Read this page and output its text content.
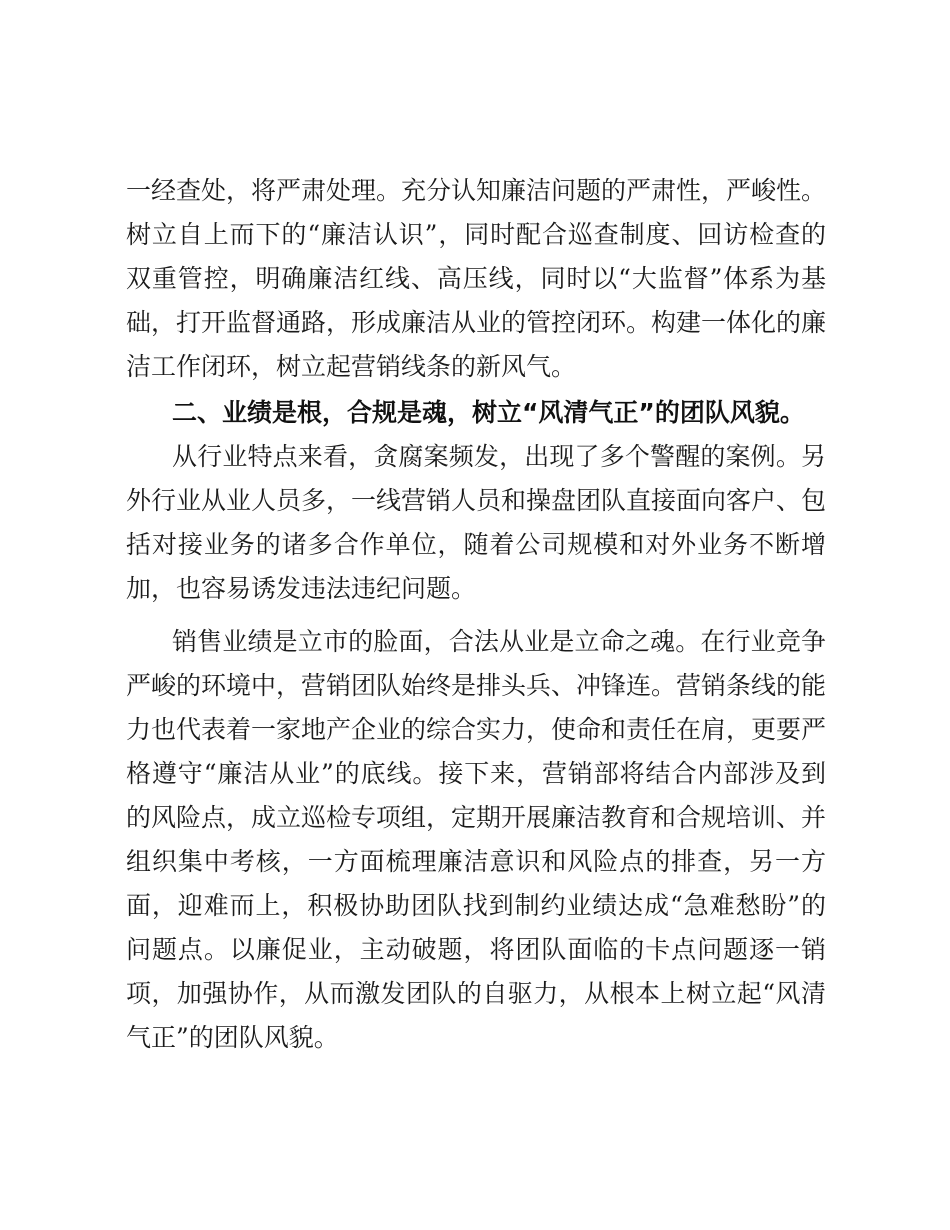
一经查处，将严肃处理。充分认知廉洁问题的严肃性，严峻性。
树立自上而下的“廉洁认识”，同时配合巡查制度、回访检查的
双重管控，明确廉洁红线、高压线，同时以“大监督”体系为基
础，打开监督通路，形成廉洁从业的管控闭环。构建一体化的廉
洁工作闭环，树立起营销线条的新风气。
二、业绩是根，合规是魂，树立“风清气正”的团队风貌。
从行业特点来看，贪腐案频发，出现了多个警醒的案例。另
外行业从业人员多，一线营销人员和操盘团队直接面向客户、包
括对接业务的诸多合作单位，随着公司规模和对外业务不断增
加，也容易诱发违法违纪问题。
销售业绩是立市的脸面，合法从业是立命之魂。在行业竞争
严峻的环境中，营销团队始终是排头兵、冲锋连。营销条线的能
力也代表着一家地产企业的综合实力，使命和责任在肩，更要严
格遵守“廉洁从业”的底线。接下来，营销部将结合内部涉及到
的风险点，成立巡检专项组，定期开展廉洁教育和合规培训、并
组织集中考核，一方面梳理廉洁意识和风险点的排查，另一方
面，迎难而上，积极协助团队找到制约业绩达成“急难愁盼”的
问题点。以廉促业，主动破题，将团队面临的卡点问题逐一销
项，加强协作，从而激发团队的自驱力，从根本上树立起“风清
气正”的团队风貌。
